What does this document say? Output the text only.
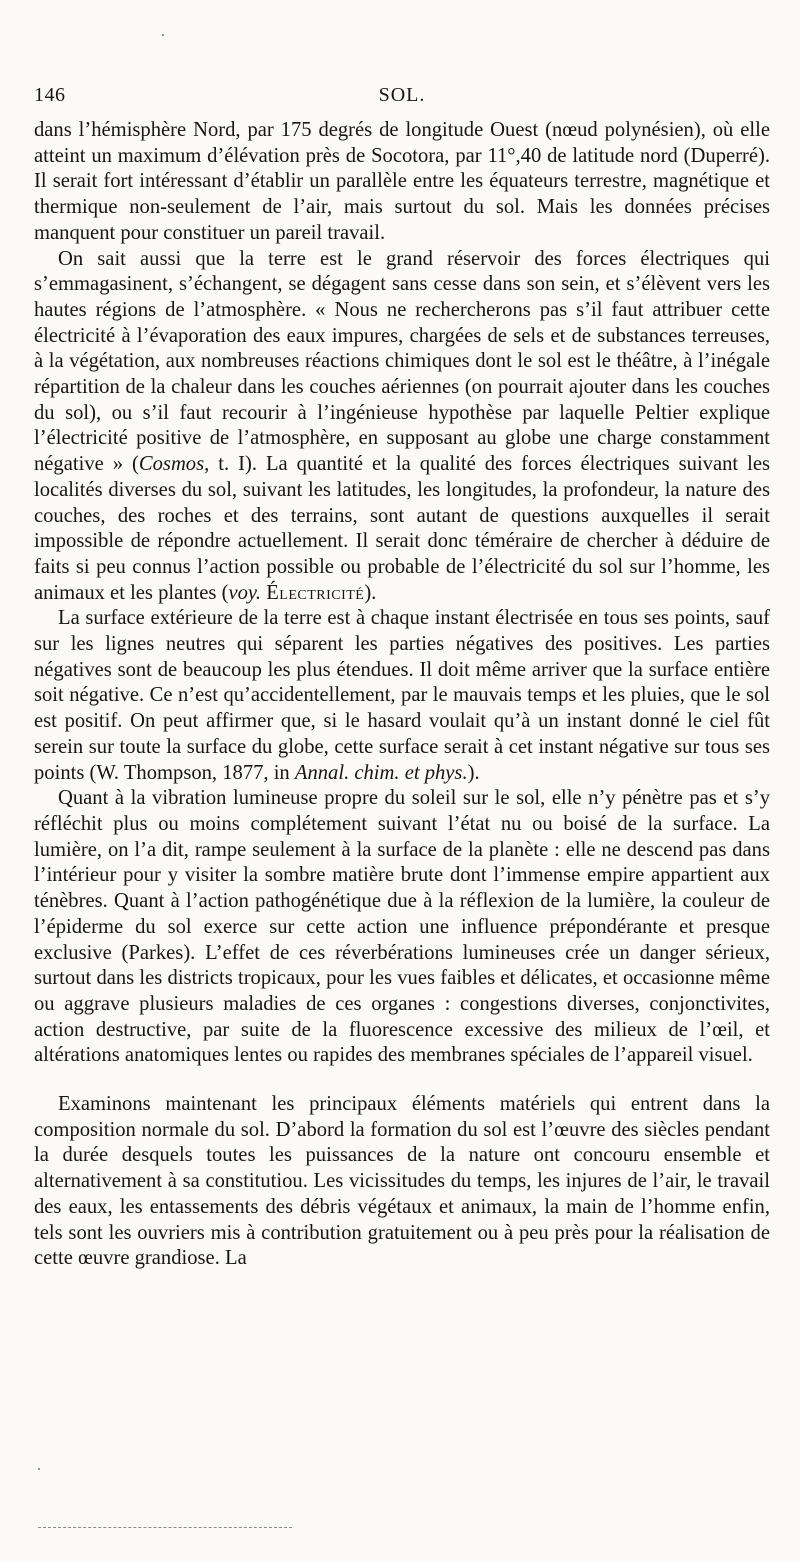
146	SOL.

dans l’hémisphère Nord, par 175 degrés de longitude Ouest (nœud polynésien), où elle atteint un maximum d’élévation près de Socotora, par 11°,40 de latitude nord (Duperré). Il serait fort intéressant d’établir un parallèle entre les équateurs terrestre, magnétique et thermique non-seulement de l’air, mais surtout du sol. Mais les données précises manquent pour constituer un pareil travail.

On sait aussi que la terre est le grand réservoir des forces électriques qui s’emmagasinent, s’échangent, se dégagent sans cesse dans son sein, et s’élèvent vers les hautes régions de l’atmosphère. « Nous ne rechercherons pas s’il faut attribuer cette électricité à l’évaporation des eaux impures, chargées de sels et de substances terreuses, à la végétation, aux nombreuses réactions chimiques dont le sol est le théâtre, à l’inégale répartition de la chaleur dans les couches aériennes (on pourrait ajouter dans les couches du sol), ou s’il faut recourir à l’ingénieuse hypothèse par laquelle Peltier explique l’électricité positive de l’atmosphère, en supposant au globe une charge constamment négative » (Cosmos, t. I). La quantité et la qualité des forces électriques suivant les localités diverses du sol, suivant les latitudes, les longitudes, la profondeur, la nature des couches, des roches et des terrains, sont autant de questions auxquelles il serait impossible de répondre actuellement. Il serait donc téméraire de chercher à déduire de faits si peu connus l’action possible ou probable de l’électricité du sol sur l’homme, les animaux et les plantes (voy. Électricité).

La surface extérieure de la terre est à chaque instant électrisée en tous ses points, sauf sur les lignes neutres qui séparent les parties négatives des positives. Les parties négatives sont de beaucoup les plus étendues. Il doit même arriver que la surface entière soit négative. Ce n’est qu’accidentellement, par le mauvais temps et les pluies, que le sol est positif. On peut affirmer que, si le hasard voulait qu’à un instant donné le ciel fût serein sur toute la surface du globe, cette surface serait à cet instant négative sur tous ses points (W. Thompson, 1877, in Annal. chim. et phys.).

Quant à la vibration lumineuse propre du soleil sur le sol, elle n’y pénètre pas et s’y réfléchit plus ou moins complétement suivant l’état nu ou boisé de la surface. La lumière, on l’a dit, rampe seulement à la surface de la planète : elle ne descend pas dans l’intérieur pour y visiter la sombre matière brute dont l’immense empire appartient aux ténèbres. Quant à l’action pathogénétique due à la réflexion de la lumière, la couleur de l’épiderme du sol exerce sur cette action une influence prépondérante et presque exclusive (Parkes). L’effet de ces réverbérations lumineuses crée un danger sérieux, surtout dans les districts tropicaux, pour les vues faibles et délicates, et occasionne même ou aggrave plusieurs maladies de ces organes : congestions diverses, conjonctivites, action destructive, par suite de la fluorescence excessive des milieux de l’œil, et altérations anatomiques lentes ou rapides des membranes spéciales de l’appareil visuel.

Examinons maintenant les principaux éléments matériels qui entrent dans la composition normale du sol. D’abord la formation du sol est l’œuvre des siècles pendant la durée desquels toutes les puissances de la nature ont concouru ensemble et alternativement à sa constitutiou. Les vicissitudes du temps, les injures de l’air, le travail des eaux, les entassements des débris végétaux et animaux, la main de l’homme enfin, tels sont les ouvriers mis à contribution gratuitement ou à peu près pour la réalisation de cette œuvre grandiose. La
